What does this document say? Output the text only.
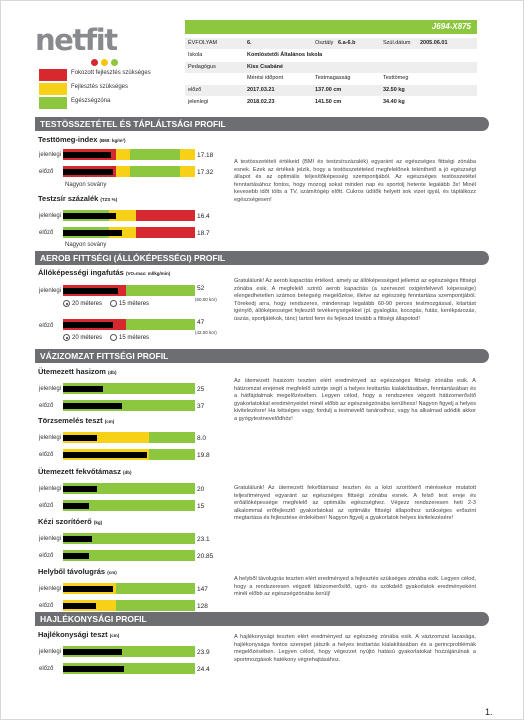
netfit
Fokozott fejlesztés szükséges
Fejlesztés szükséges
Egészségzóna
J694-X875
ÉVFOLYAM	6.	Osztály 6.a-6.b	Szül.dátum 2005.06.01
Iskola	Komlóstetői Általános Iskola
Pedagógus	Kiss Csabáné
Mérési időpont	Testmagasság	Testtömeg
előző	2017.03.21	137.00 cm	32.50 kg
jelenlegi	2018.02.23	141.50 cm	34.40 kg
TESTÖSSZETÉTEL ÉS TÁPLÁLTSÁGI PROFIL
Testtömeg-index (BMI: kg/m²)
jelenlegi	17.18
előző	17.32
Nagyon sovány
Testzsír százalék (TZS %)
jelenlegi	16.4
előző	18.7
Nagyon sovány
A testösszetételi értékeid (BMI és testzsírszázalék) egyaránt az egészséges fittségi zónába esnek. Ezek az értékek jelzik, hogy a testösszetételed megfelelőnek tekinthető a jó egészségi állapot és az optimális teljesítőképesség szempontjából. Az egészséges testösszetétel fenntartásához fontos, hogy mozogj sokat minden nap és sportolj hetente legalább 3x! Minél kevesebb időt tölts a TV, számítógép előtt. Cukros üdítők helyett sok vizet igyál, és táplálkozz egészségesen!
AEROB FITTSÉGI (ÁLLÓKÉPESSÉGI) PROFIL
Állóképességi ingafutás (VO₂max: ml/kg/min)
jelenlegi	52
(60.00 kör)
20 méteres	15 méteres
előző	47
(42.00 kör)
20 méteres	15 méteres
Gratulálunk! Az aerob kapacitás értéked, amely az állóképességed jellemzi az egészséges fittségi zónába esik. A megfelelő szintű aerob kapacitás (a szervezet oxigénfelvevő képessége) elengedhetetlen számos betegség megelőzése, illetve az egészség fenntartása szempontjából. Törekedj arra, hogy rendszeres, mindennap legalább 60-90 perces testmozgással, kitartást igénylő, állóképességet fejlesztő tevékenységekkel (pl. gyaloglás, kocogás, futás, kerékpározás, úszás, sportjátékok, tánc) tartsd fenn és fejleszd tovább a fittségi állapotod!
VÁZIZOMZAT FITTSÉGI PROFIL
Ütemezett hasizom (db)
jelenlegi	25
előző	37
Törzsemelés teszt (cm)
jelenlegi	8.0
előző	19.8
Az ütemezett hasizom teszten elért eredményed az egészséges fittségi zónába esik. A hátizomzat erejének megfelelő szintje segít a helyes testtartás kialakításában, fenntartásában és a hátfájdalmak megelőzésében. Legyen célod, hogy a rendszeres végzett hátizomerősítő gyakorlatokkal eredményeidet minél előbb az egészségzónába kerülhess! Nagyon figyelj a helyes kivitelezésre! Ha kétséges vagy, fordulj a testnevelő tanárodhoz, vagy ha alkalmad adódik akkor a gyógytestnevelődhöz!
Ütemezett fekvőtámasz (db)
jelenlegi	20
előző	15
Kézi szorítóerő (kg)
jelenlegi	23.1
előző	20.85
Gratulálunk! Az ütemezett fekvőtámasz teszten és a kézi szorítóerő mérésekor mutatott teljesítményed egyaránt az egészséges fittségi zónába esnek. A felső test ereje és erőállóképessége megfelelő az optimális egészséghez. Végezz rendszeresen heti 2-3 alkalommal erőfejlesztő gyakorlatokat az optimális fittségi állapothoz szükséges erőszint megtartása és fejlesztése érdekében! Nagyon figyelj a gyakorlatok helyes kivitelezésére!
Helyből távolugrás (cm)
jelenlegi	147
előző	128
A helyből távolugrás teszten elért eredményed a fejlesztés szükséges zónába esik. Legyen célod, hogy a rendszeresen végzett lábizomerősítő, ugró- és szökdelő gyakorlatok eredményeként minél előbb az egészségzónába kerülj!
HAJLÉKONYSÁGI PROFIL
Hajlékonysági teszt (cm)
jelenlegi	23.9
előző	24.4
A hajlékonysági teszten elért eredményed az egészség zónába esik. A vázizomzat lazasága, hajlékonysága fontos szerepet játszik a helyes testtartás kialakításában és a gerincproblémák megelőzésében. Legyen célod, hogy végezzet nyújtó hatású gyakorlatokat hozzájárulnak a sportmozgások hatékony végrehajtásához.
1.
